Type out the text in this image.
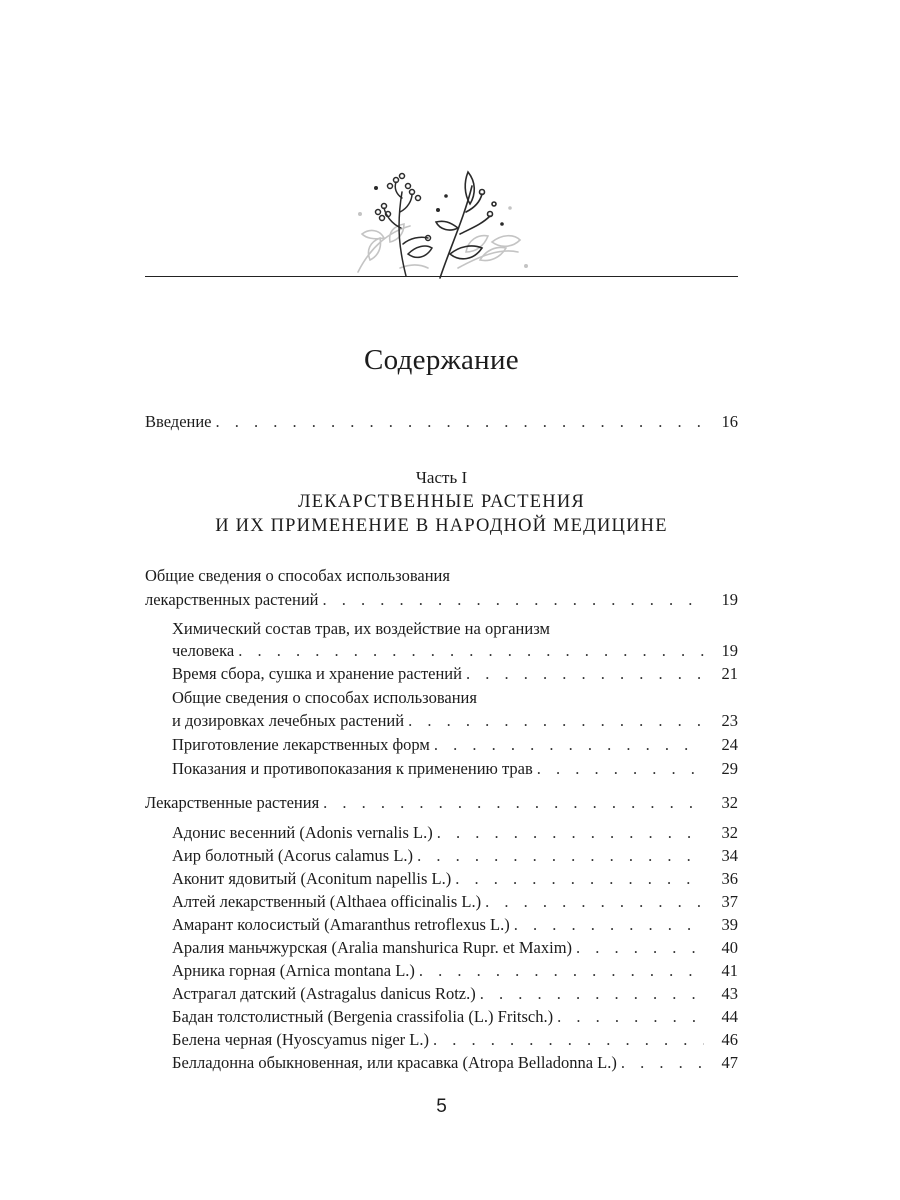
Содержание
Введение . . .	16
Часть I
ЛЕКАРСТВЕННЫЕ РАСТЕНИЯ
И ИХ ПРИМЕНЕНИЕ В НАРОДНОЙ МЕДИЦИНЕ
Общие сведения о способах использования
лекарственных растений . . .	19
Химический состав трав, их воздействие на организм
человека . . .	19
Время сбора, сушка и хранение растений . . .	21
Общие сведения о способах использования
и дозировках лечебных растений . . .	23
Приготовление лекарственных форм . . .	24
Показания и противопоказания к применению трав . . .	29
Лекарственные растения . . .	32
Адонис весенний (Adonis vernalis L.) . . .	32
Аир болотный (Acorus calamus L.) . . .	34
Аконит ядовитый (Aconitum napellis L.) . . .	36
Алтей лекарственный (Althaea officinalis L.) . . .	37
Амарант колосистый (Amaranthus retroflexus L.) . . .	39
Аралия маньчжурская (Aralia manshurica Rupr. et Maxim) . . .	40
Арника горная (Arnica montana L.) . . .	41
Астрагал датский (Astragalus danicus Rotz.) . . .	43
Бадан толстолистный (Bergenia crassifolia (L.) Fritsch.) . . .	44
Белена черная (Hyoscyamus niger L.) . . .	46
Белладонна обыкновенная, или красавка (Atropa Belladonna L.) . . .	47
5
